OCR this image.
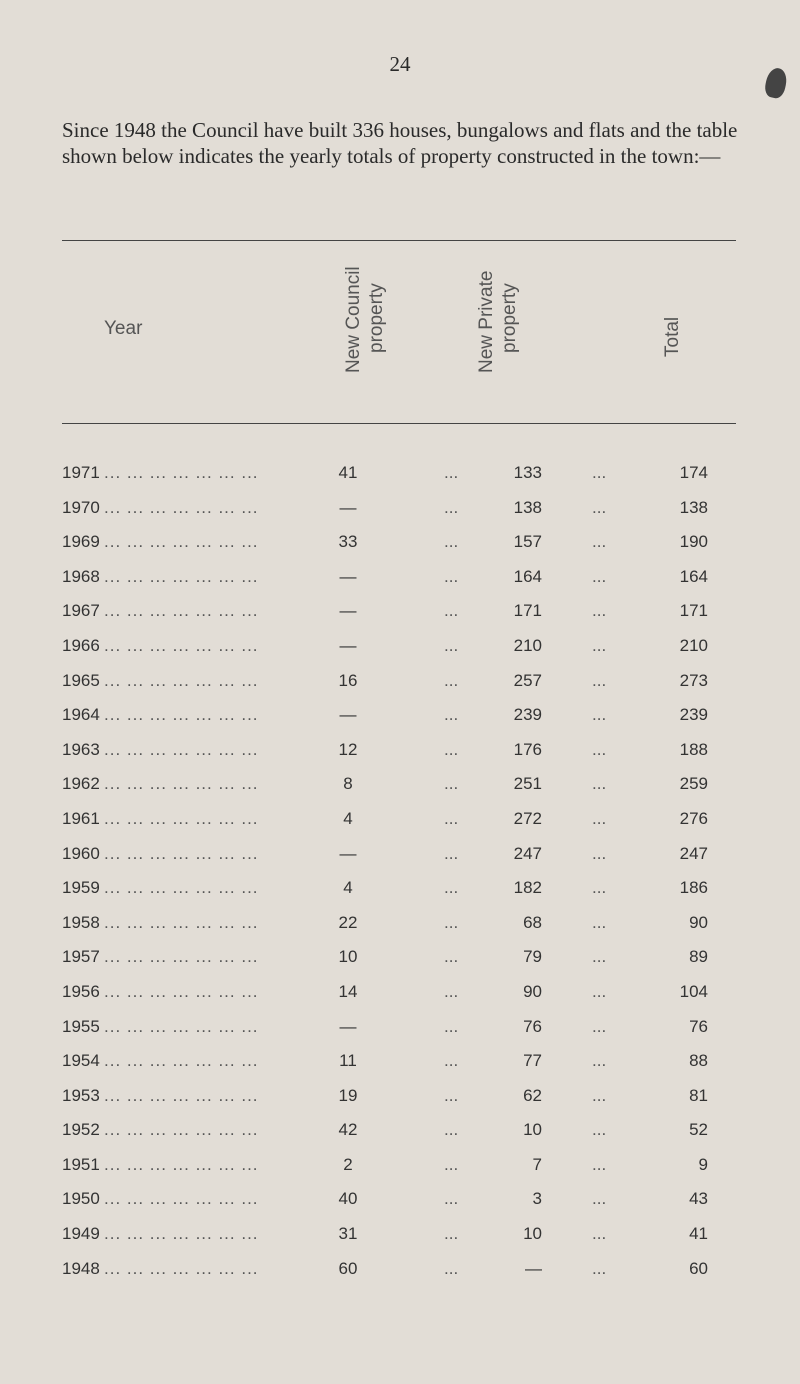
24

Since 1948 the Council have built 336 houses, bungalows and flats and the table shown below indicates the yearly totals of property constructed in the town:—

Year	New Council property	New Private property	Total
1971 ... ... ... ... ... ... ...	41	...	133	...	174
1970 ... ... ... ... ... ... ...	—	...	138	...	138
1969 ... ... ... ... ... ... ...	33	...	157	...	190
1968 ... ... ... ... ... ... ...	—	...	164	...	164
1967 ... ... ... ... ... ... ...	—	...	171	...	171
1966 ... ... ... ... ... ... ...	—	...	210	...	210
1965 ... ... ... ... ... ... ...	16	...	257	...	273
1964 ... ... ... ... ... ... ...	—	...	239	...	239
1963 ... ... ... ... ... ... ...	12	...	176	...	188
1962 ... ... ... ... ... ... ...	8	...	251	...	259
1961 ... ... ... ... ... ... ...	4	...	272	...	276
1960 ... ... ... ... ... ... ...	—	...	247	...	247
1959 ... ... ... ... ... ... ...	4	...	182	...	186
1958 ... ... ... ... ... ... ...	22	...	68	...	90
1957 ... ... ... ... ... ... ...	10	...	79	...	89
1956 ... ... ... ... ... ... ...	14	...	90	...	104
1955 ... ... ... ... ... ... ...	—	...	76	...	76
1954 ... ... ... ... ... ... ...	11	...	77	...	88
1953 ... ... ... ... ... ... ...	19	...	62	...	81
1952 ... ... ... ... ... ... ...	42	...	10	...	52
1951 ... ... ... ... ... ... ...	2	...	7	...	9
1950 ... ... ... ... ... ... ...	40	...	3	...	43
1949 ... ... ... ... ... ... ...	31	...	10	...	41
1948 ... ... ... ... ... ... ...	60	...	—	...	60
